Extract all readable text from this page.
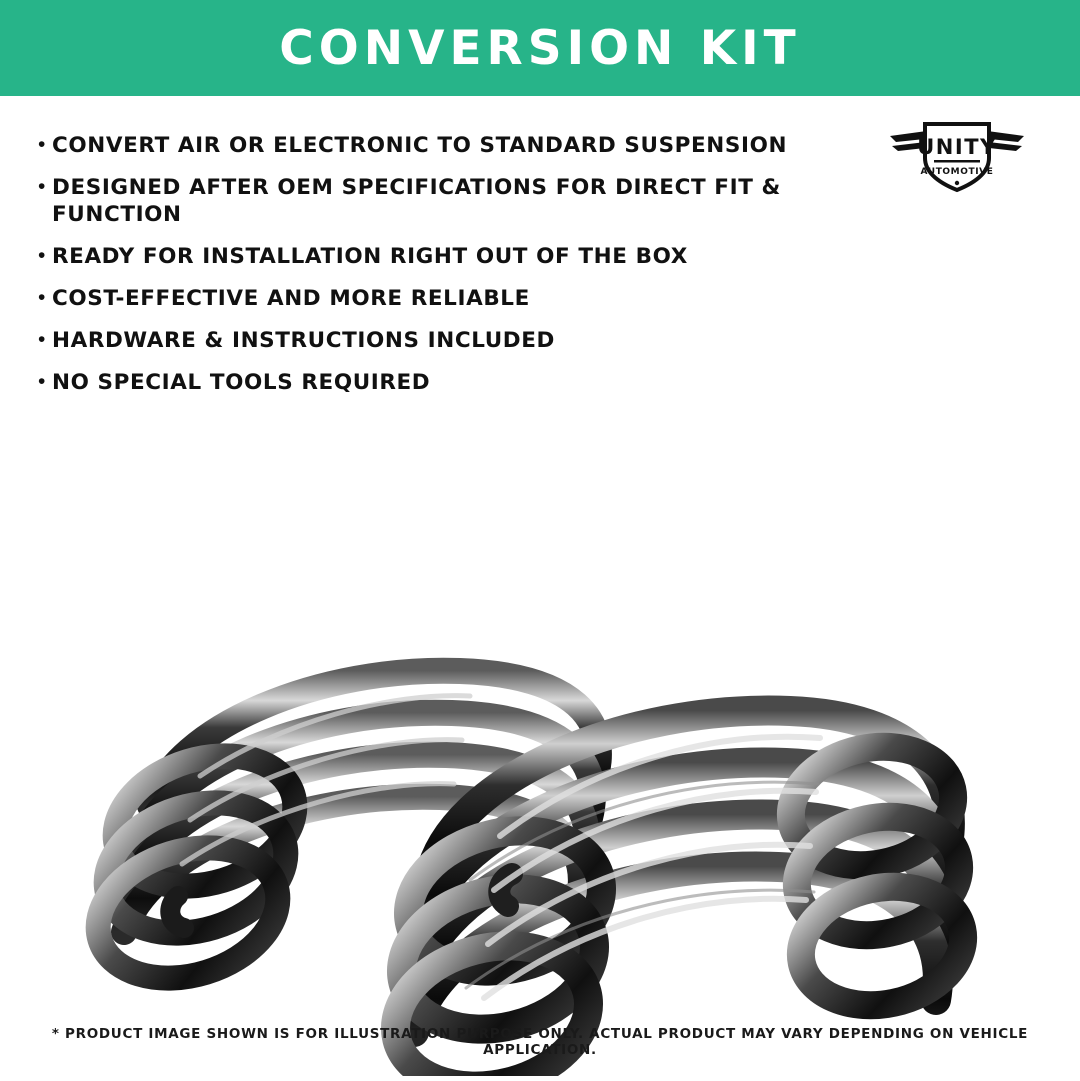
CONVERSION KIT
• CONVERT AIR OR ELECTRONIC TO STANDARD SUSPENSION
• DESIGNED AFTER OEM SPECIFICATIONS FOR DIRECT FIT & FUNCTION
• READY FOR INSTALLATION RIGHT OUT OF THE BOX
• COST-EFFECTIVE AND MORE RELIABLE
• HARDWARE & INSTRUCTIONS INCLUDED
• NO SPECIAL TOOLS REQUIRED
UNITY
AUTOMOTIVE
* PRODUCT IMAGE SHOWN IS FOR ILLUSTRATION PURPOSE ONLY. ACTUAL PRODUCT MAY VARY DEPENDING ON VEHICLE APPLICATION.
